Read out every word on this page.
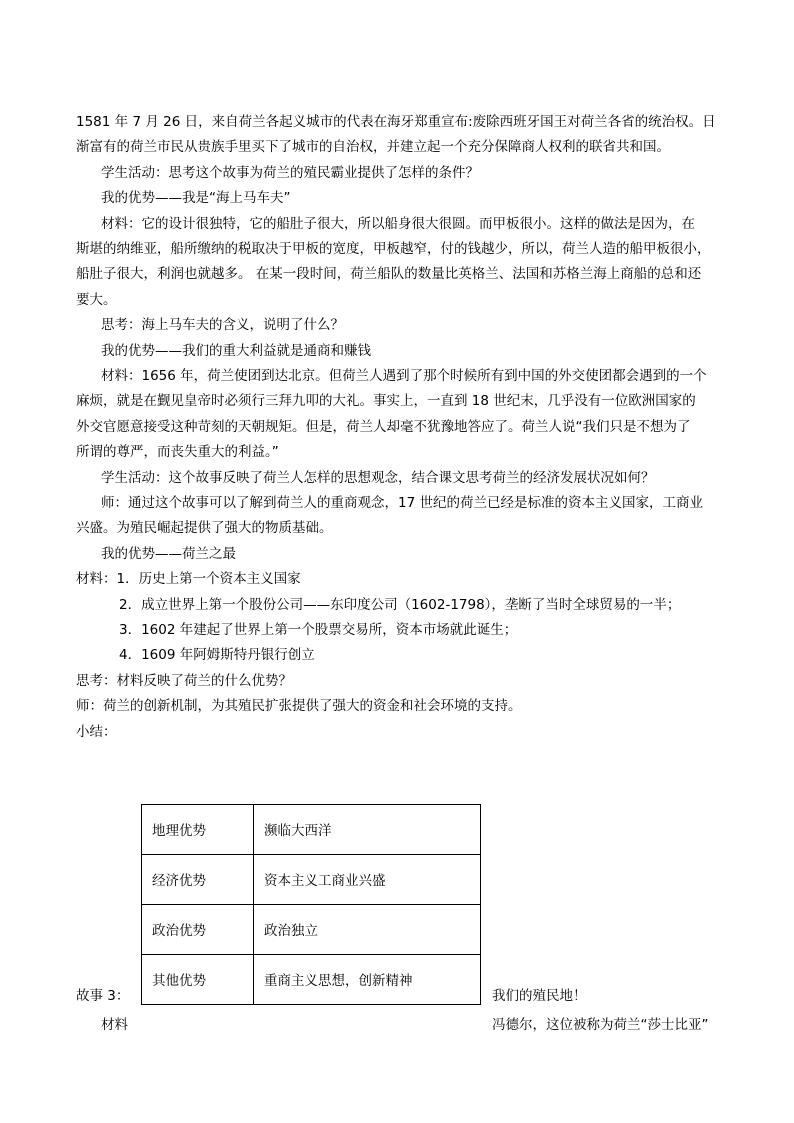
1581 年 7 月 26 日，来自荷兰各起义城市的代表在海牙郑重宣布:废除西班牙国王对荷兰各省的统治权。日
渐富有的荷兰市民从贵族手里买下了城市的自治权，并建立起一个充分保障商人权利的联省共和国。
学生活动：思考这个故事为荷兰的殖民霸业提供了怎样的条件？
我的优势——我是“海上马车夫”
材料：它的设计很独特，它的船肚子很大，所以船身很大很圆。而甲板很小。这样的做法是因为，在
斯堪的纳维亚，船所缴纳的税取决于甲板的宽度，甲板越窄，付的钱越少，所以，荷兰人造的船甲板很小，
船肚子很大，利润也就越多。 在某一段时间，荷兰船队的数量比英格兰、法国和苏格兰海上商船的总和还
要大。
思考：海上马车夫的含义，说明了什么？
我的优势——我们的重大利益就是通商和赚钱
材料：1656 年，荷兰使团到达北京。但荷兰人遇到了那个时候所有到中国的外交使团都会遇到的一个
麻烦，就是在觐见皇帝时必须行三拜九叩的大礼。事实上，一直到 18 世纪末，几乎没有一位欧洲国家的
外交官愿意接受这种苛刻的天朝规矩。但是，荷兰人却毫不犹豫地答应了。荷兰人说“我们只是不想为了
所谓的尊严，而丧失重大的利益。”
学生活动：这个故事反映了荷兰人怎样的思想观念，结合课文思考荷兰的经济发展状况如何？
师：通过这个故事可以了解到荷兰人的重商观念，17 世纪的荷兰已经是标准的资本主义国家，工商业
兴盛。为殖民崛起提供了强大的物质基础。
我的优势——荷兰之最
材料：1．历史上第一个资本主义国家
2．成立世界上第一个股份公司——东印度公司（1602-1798），垄断了当时全球贸易的一半；
3．1602 年建起了世界上第一个股票交易所，资本市场就此诞生；
4．1609 年阿姆斯特丹银行创立
思考：材料反映了荷兰的什么优势？
师：荷兰的创新机制，为其殖民扩张提供了强大的资金和社会环境的支持。
小结：
地理优势	濒临大西洋
经济优势	资本主义工商业兴盛
政治优势	政治独立
其他优势	重商主义思想，创新精神
故事 3：	我们的殖民地！
材料	冯德尔，这位被称为荷兰“莎士比亚”
